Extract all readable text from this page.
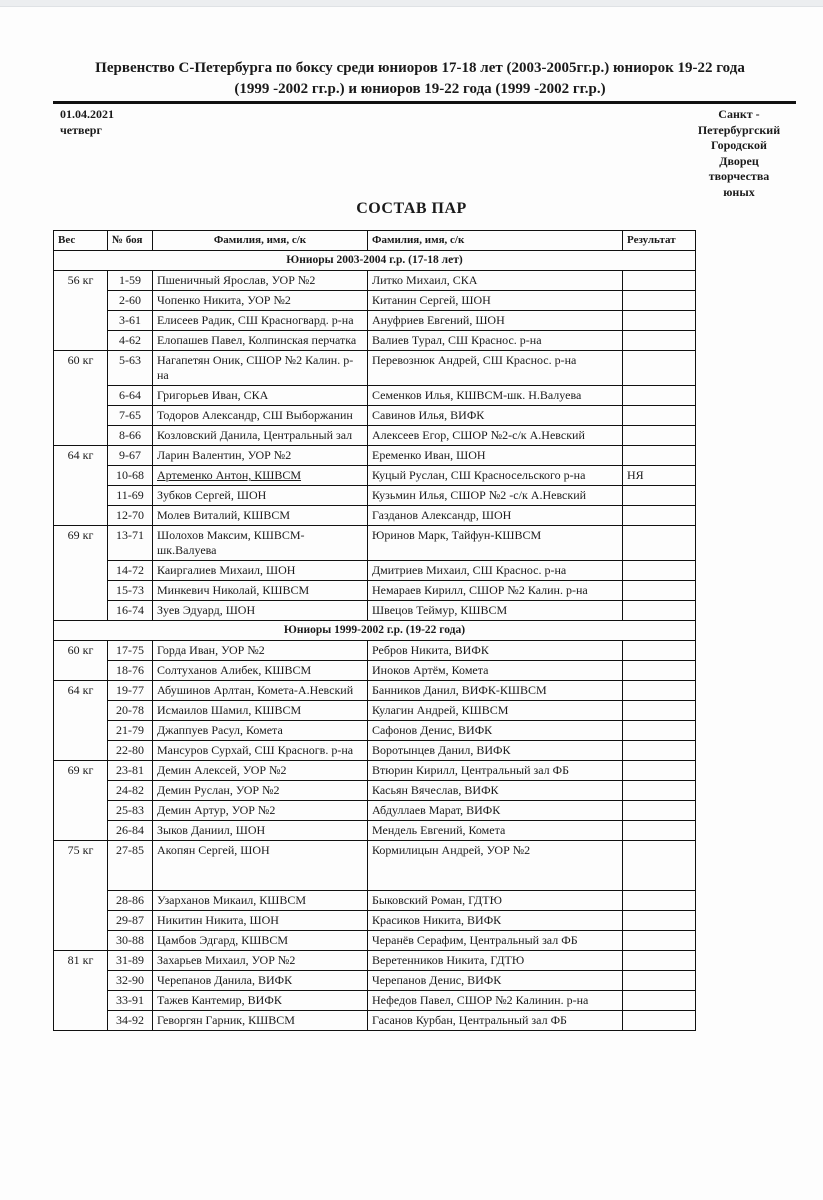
Первенство С-Петербурга по боксу среди юниоров 17-18 лет (2003-2005гг.р.) юниорок 19-22 года
(1999 -2002 гг.р.) и юниоров 19-22 года (1999 -2002 гг.р.)
01.04.2021
четверг
Санкт -
Петербургский
Городской
Дворец
творчества
юных
СОСТАВ ПАР
Вес	№ боя	Фамилия, имя, с/к	Фамилия, имя, с/к	Результат
Юниоры 2003-2004 г.р. (17-18 лет)				
56 кг	1-59	Пшеничный Ярослав, УОР №2	Литко Михаил, СКА	
	2-60	Чопенко Никита, УОР №2	Китанин Сергей, ШОН	
	3-61	Елисеев Радик, СШ Красногвард. р-на	Ануфриев Евгений, ШОН	
	4-62	Елопашев Павел, Колпинская перчатка	Валиев Турал, СШ Краснос. р-на	
60 кг	5-63	Нагапетян Оник, СШОР №2 Калин. р-на	Перевознюк Андрей, СШ Краснос. р-на	
	6-64	Григорьев Иван, СКА	Семенков Илья, КШВСМ-шк. Н.Валуева	
	7-65	Тодоров Александр, СШ Выборжанин	Савинов Илья, ВИФК	
	8-66	Козловский Данила, Центральный зал	Алексеев Егор, СШОР №2-с/к А.Невский	
64 кг	9-67	Ларин Валентин, УОР №2	Еременко Иван, ШОН	
	10-68	Артеменко Антон, КШВСМ	Куцый Руслан, СШ Красносельского р-на	НЯ
	11-69	Зубков Сергей, ШОН	Кузьмин Илья, СШОР №2 -с/к А.Невский	
	12-70	Молев Виталий, КШВСМ	Газданов Александр, ШОН	
69 кг	13-71	Шолохов Максим, КШВСМ-шк.Валуева	Юринов Марк, Тайфун-КШВСМ	
	14-72	Каиргалиев Михаил, ШОН	Дмитриев Михаил, СШ Краснос. р-на	
	15-73	Минкевич Николай, КШВСМ	Немараев Кирилл, СШОР №2 Калин. р-на	
	16-74	Зуев Эдуард, ШОН	Швецов Теймур, КШВСМ	
Юниоры 1999-2002 г.р. (19-22 года)				
60 кг	17-75	Горда Иван, УОР №2	Ребров Никита, ВИФК	
	18-76	Солтуханов Алибек, КШВСМ	Иноков Артём, Комета	
64 кг	19-77	Абушинов Арлтан, Комета-А.Невский	Банников Данил, ВИФК-КШВСМ	
	20-78	Исмаилов Шамил, КШВСМ	Кулагин Андрей, КШВСМ	
	21-79	Джаппуев Расул, Комета	Сафонов Денис, ВИФК	
	22-80	Мансуров Сурхай, СШ Красногв. р-на	Воротынцев Данил, ВИФК	
69 кг	23-81	Демин Алексей, УОР №2	Втюрин Кирилл, Центральный зал ФБ	
	24-82	Демин Руслан, УОР №2	Касьян Вячеслав, ВИФК	
	25-83	Демин Артур, УОР №2	Абдуллаев Марат, ВИФК	
	26-84	Зыков Даниил, ШОН	Мендель Евгений, Комета	
75 кг	27-85	Акопян Сергей, ШОН	Кормилицын Андрей, УОР №2	
	28-86	Узарханов Микаил, КШВСМ	Быковский Роман, ГДТЮ	
	29-87	Никитин Никита, ШОН	Красиков Никита, ВИФК	
	30-88	Цамбов Эдгард, КШВСМ	Черанёв Серафим, Центральный зал ФБ	
81 кг	31-89	Захарьев Михаил, УОР №2	Веретенников Никита, ГДТЮ	
	32-90	Черепанов Данила, ВИФК	Черепанов Денис, ВИФК	
	33-91	Тажев Кантемир, ВИФК	Нефедов Павел, СШОР №2 Калинин. р-на	
	34-92	Геворгян Гарник, КШВСМ	Гасанов Курбан, Центральный зал ФБ	
